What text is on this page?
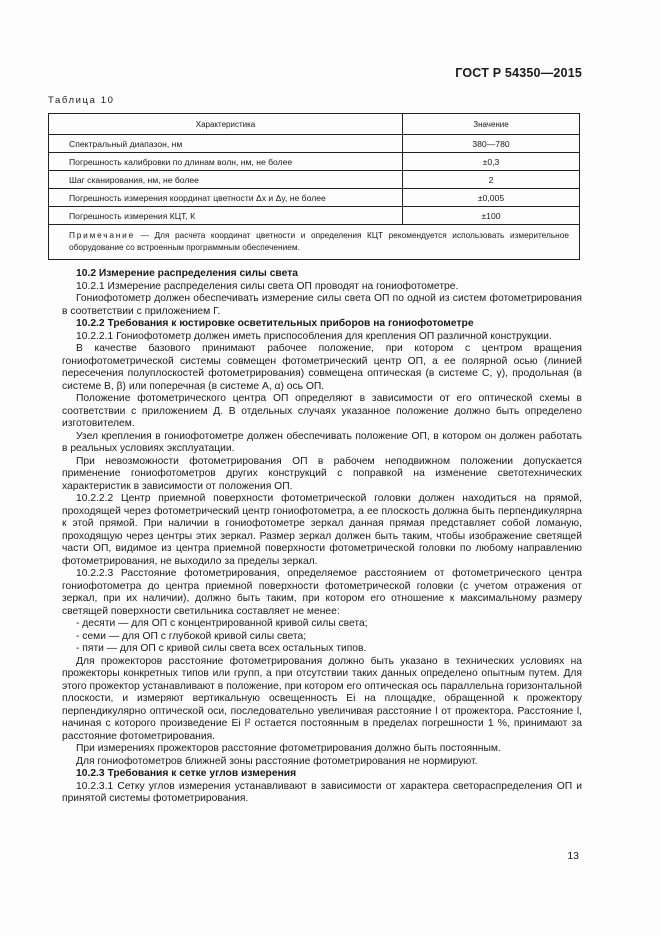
ГОСТ Р 54350—2015
Таблица 10
Характеристика	Значение
Спектральный диапазон, нм	380—780
Погрешность калибровки по длинам волн, нм, не более	±0,3
Шаг сканирования, нм, не более	2
Погрешность измерения координат цветности Δx и Δy, не более	±0,005
Погрешность измерения КЦТ, К	±100
Примечание — Для расчета координат цветности и определения КЦТ рекомендуется использовать измерительное оборудование со встроенным программным обеспечением.	

10.2 Измерение распределения силы света

10.2.1 Измерение распределения силы света ОП проводят на гониофотометре.

Гониофотометр должен обеспечивать измерение силы света ОП по одной из систем фотометрирования в соответствии с приложением Г.

10.2.2 Требования к юстировке осветительных приборов на гониофотометре

10.2.2.1 Гониофотометр должен иметь приспособления для крепления ОП различной конструкции.

В качестве базового принимают рабочее положение, при котором с центром вращения гониофотометрической системы совмещен фотометрический центр ОП, а ее полярной осью (линией пересечения полуплоскостей фотометрирования) совмещена оптическая (в системе C, γ), продольная (в системе B, β) или поперечная (в системе A, α) ось ОП.

Положение фотометрического центра ОП определяют в зависимости от его оптической схемы в соответствии с приложением Д. В отдельных случаях указанное положение должно быть определено изготовителем.

Узел крепления в гониофотометре должен обеспечивать положение ОП, в котором он должен работать в реальных условиях эксплуатации.

При невозможности фотометрирования ОП в рабочем неподвижном положении допускается применение гониофотометров других конструкций с поправкой на изменение светотехнических характеристик в зависимости от положения ОП.

10.2.2.2 Центр приемной поверхности фотометрической головки должен находиться на прямой, проходящей через фотометрический центр гониофотометра, а ее плоскость должна быть перпендикулярна к этой прямой. При наличии в гониофотометре зеркал данная прямая представляет собой ломаную, проходящую через центры этих зеркал. Размер зеркал должен быть таким, чтобы изображение светящей части ОП, видимое из центра приемной поверхности фотометрической головки по любому направлению фотометрирования, не выходило за пределы зеркал.

10.2.2.3 Расстояние фотометрирования, определяемое расстоянием от фотометрического центра гониофотометра до центра приемной поверхности фотометрической головки (с учетом отражения от зеркал, при их наличии), должно быть таким, при котором его отношение к максимальному размеру светящей поверхности светильника составляет не менее:

- десяти — для ОП с концентрированной кривой силы света;

- семи — для ОП с глубокой кривой силы света;

- пяти — для ОП с кривой силы света всех остальных типов.

Для прожекторов расстояние фотометрирования должно быть указано в технических условиях на прожекторы конкретных типов или групп, а при отсутствии таких данных определено опытным путем. Для этого прожектор устанавливают в положение, при котором его оптическая ось параллельна горизонтальной плоскости, и измеряют вертикальную освещенность Ei на площадке, обращенной к прожектору перпендикулярно оптической оси, последовательно увеличивая расстояние l от прожектора. Расстояние l, начиная с которого произведение Ei l² остается постоянным в пределах погрешности 1 %, принимают за расстояние фотометрирования.

При измерениях прожекторов расстояние фотометрирования должно быть постоянным.

Для гониофотометров ближней зоны расстояние фотометрирования не нормируют.

10.2.3 Требования к сетке углов измерения

10.2.3.1 Сетку углов измерения устанавливают в зависимости от характера светораспределения ОП и принятой системы фотометрирования.

13
